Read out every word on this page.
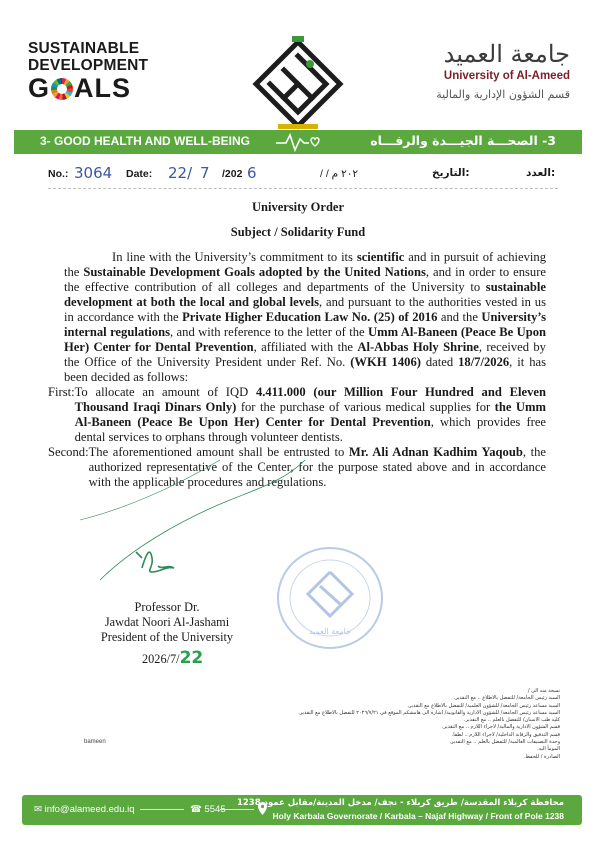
SUSTAINABLE
DEVELOPMENT
G ALS
جامعة العميد
University of Al-Ameed
قسم الشؤون الإدارية والمالية
3- GOOD HEALTH AND WELL-BEING	3- الصحـــة الجيـــدة والرفـــاه
No.: 3064 Date: 22/ 7 /202 6	/ / ٢٠٢ م	التاريخ:	العدد:
University Order
Subject / Solidarity Fund

In line with the University’s commitment to its scientific and in pursuit of achieving the Sustainable Development Goals adopted by the United Nations, and in order to ensure the effective contribution of all colleges and departments of the University to sustainable development at both the local and global levels, and pursuant to the authorities vested in us in accordance with the Private Higher Education Law No. (25) of 2016 and the University’s internal regulations, and with reference to the letter of the Umm Al-Baneen (Peace Be Upon Her) Center for Dental Prevention, affiliated with the Al-Abbas Holy Shrine, received by the Office of the University President under Ref. No. (WKH 1406) dated 18/7/2026, it has been decided as follows:

First: To allocate an amount of IQD 4.411.000 (our Million Four Hundred and Eleven Thousand Iraqi Dinars Only) for the purchase of various medical supplies for the Umm Al-Baneen (Peace Be Upon Her) Center for Dental Prevention, which provides free dental services to orphans through volunteer dentists.
Second: The aforementioned amount shall be entrusted to Mr. Ali Adnan Kadhim Yaqoub, the authorized representative of the Center, for the purpose stated above and in accordance with the applicable procedures and regulations.
Professor Dr.
Jawdat Noori Al-Jashami
President of the University
2026/7/22
جامعة العميد
نسخة منه الى /
السيد رئيس الجامعة/ للتفضل بالاطلاع .. مع التقدير.
السيد مساعد رئيس الجامعة/ للشؤون العلمية/ للتفضل بالاطلاع مع التقدير.
السيد مساعد رئيس الجامعة/ للشؤون الادارية والقانونية/ اشارة الى هامشكم الموقع في ٢٠٢٦/٧/٢١ للتفضل بالاطلاع مع التقدير.
كلية طب الاسنان/ للتفضل بالعلم .. مع التقدير.
قسم الشؤون الادارية والمالية/ لاجراء اللازم .. مع التقدير.
قسم التدقيق والرقابة الداخلية/ لاجراء اللازم .. لطفا.
وحدة التصنيفات العالمية/ للتفضل بالعلم .. مع التقدير.
المومأ اليه.
الصادرة / للحفظ.
bameen
✉ info@alameed.edu.iq	☎ 5545
محافظة كربلاء المقدسة/ طريق كربلاء - نجف/ مدخل المدينة/مقابل عمود 1238
Holy Karbala Governorate / Karbala – Najaf Highway / Front of Pole 1238
